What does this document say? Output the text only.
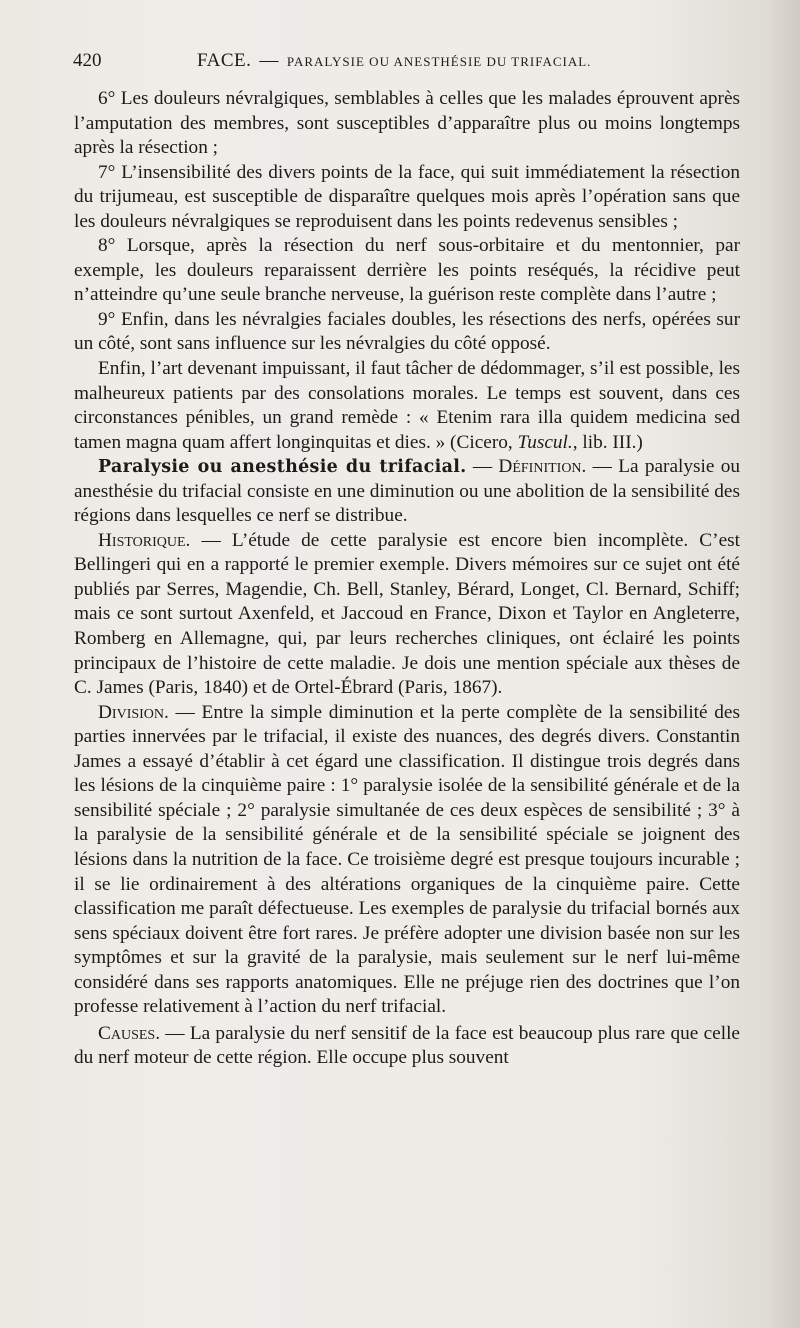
420	FACE. — PARALYSIE OU ANESTHÉSIE DU TRIFACIAL.

6° Les douleurs névralgiques, semblables à celles que les malades éprouvent après l’amputation des membres, sont susceptibles d’apparaître plus ou moins longtemps après la résection ;

7° L’insensibilité des divers points de la face, qui suit immédiatement la résection du trijumeau, est susceptible de disparaître quelques mois après l’opération sans que les douleurs névralgiques se reproduisent dans les points redevenus sensibles ;

8° Lorsque, après la résection du nerf sous-orbitaire et du mentonnier, par exemple, les douleurs reparaissent derrière les points reséqués, la récidive peut n’atteindre qu’une seule branche nerveuse, la guérison reste complète dans l’autre ;

9° Enfin, dans les névralgies faciales doubles, les résections des nerfs, opérées sur un côté, sont sans influence sur les névralgies du côté opposé.

Enfin, l’art devenant impuissant, il faut tâcher de dédommager, s’il est possible, les malheureux patients par des consolations morales. Le temps est souvent, dans ces circonstances pénibles, un grand remède : « Etenim rara illa quidem medicina sed tamen magna quam affert longinquitas et dies. » (Cicero, Tuscul., lib. III.)

Paralysie ou anesthésie du trifacial. — Définition. — La paralysie ou anesthésie du trifacial consiste en une diminution ou une abolition de la sensibilité des régions dans lesquelles ce nerf se distribue.

Historique. — L’étude de cette paralysie est encore bien incomplète. C’est Bellingeri qui en a rapporté le premier exemple. Divers mémoires sur ce sujet ont été publiés par Serres, Magendie, Ch. Bell, Stanley, Bérard, Longet, Cl. Bernard, Schiff; mais ce sont surtout Axenfeld, et Jaccoud en France, Dixon et Taylor en Angleterre, Romberg en Allemagne, qui, par leurs recherches cliniques, ont éclairé les points principaux de l’histoire de cette maladie. Je dois une mention spéciale aux thèses de C. James (Paris, 1840) et de Ortel-Ébrard (Paris, 1867).

Division. — Entre la simple diminution et la perte complète de la sensibilité des parties innervées par le trifacial, il existe des nuances, des degrés divers. Constantin James a essayé d’établir à cet égard une classification. Il distingue trois degrés dans les lésions de la cinquième paire : 1° paralysie isolée de la sensibilité générale et de la sensibilité spéciale ; 2° paralysie simultanée de ces deux espèces de sensibilité ; 3° à la paralysie de la sensibilité générale et de la sensibilité spéciale se joignent des lésions dans la nutrition de la face. Ce troisième degré est presque toujours incurable ; il se lie ordinairement à des altérations organiques de la cinquième paire. Cette classification me paraît défectueuse. Les exemples de paralysie du trifacial bornés aux sens spéciaux doivent être fort rares. Je préfère adopter une division basée non sur les symptômes et sur la gravité de la paralysie, mais seulement sur le nerf lui-même considéré dans ses rapports anatomiques. Elle ne préjuge rien des doctrines que l’on professe relativement à l’action du nerf trifacial.

Causes. — La paralysie du nerf sensitif de la face est beaucoup plus rare que celle du nerf moteur de cette région. Elle occupe plus souvent
